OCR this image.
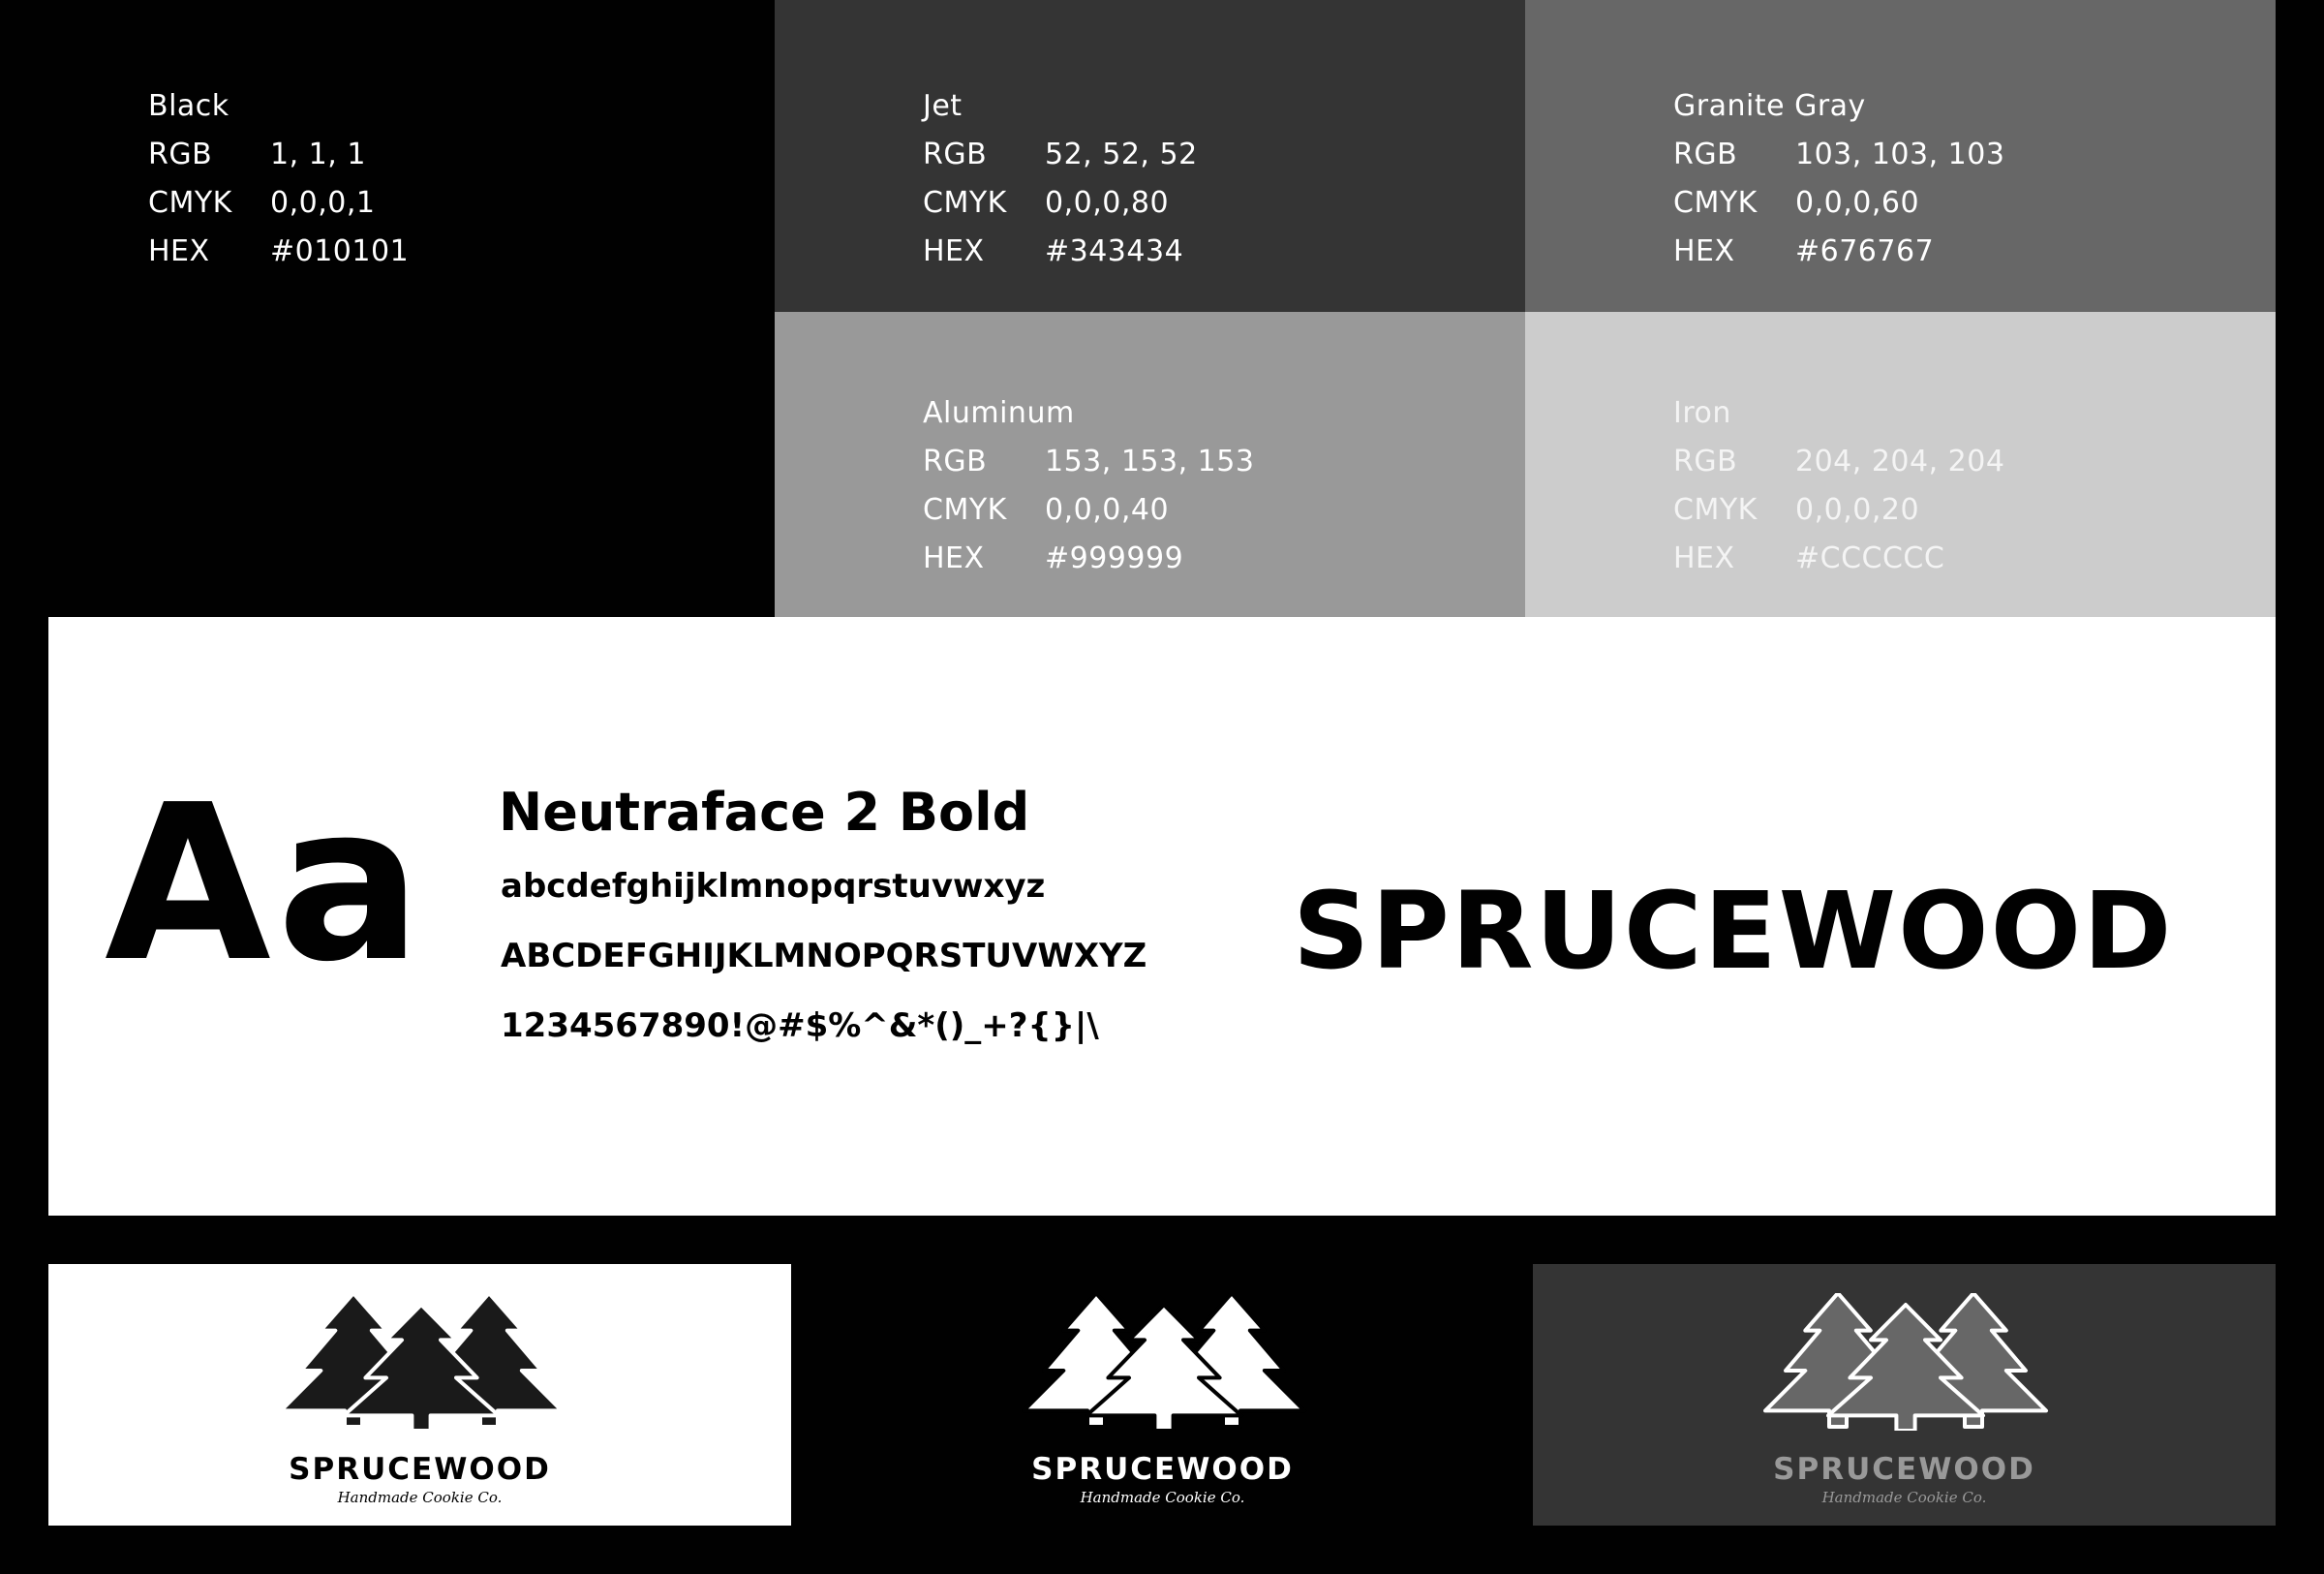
Black
RGB	1, 1, 1
CMYK	0,0,0,1
HEX	#010101
Jet
RGB	52, 52, 52
CMYK	0,0,0,80
HEX	#343434
Granite Gray
RGB	103, 103, 103
CMYK	0,0,0,60
HEX	#676767
Aluminum
RGB	153, 153, 153
CMYK	0,0,0,40
HEX	#999999
Iron
RGB	204, 204, 204
CMYK	0,0,0,20
HEX	#CCCCCC
Aa Neutraface 2 Bold
abcdefghijklmnopqrstuvwxyz
ABCDEFGHIJKLMNOPQRSTUVWXYZ
1234567890!@#$%^&*()_+?{}|\
SPRUCEWOOD
SPRUCEWOOD
Handmade Cookie Co.
SPRUCEWOOD
Handmade Cookie Co.
SPRUCEWOOD
Handmade Cookie Co.
